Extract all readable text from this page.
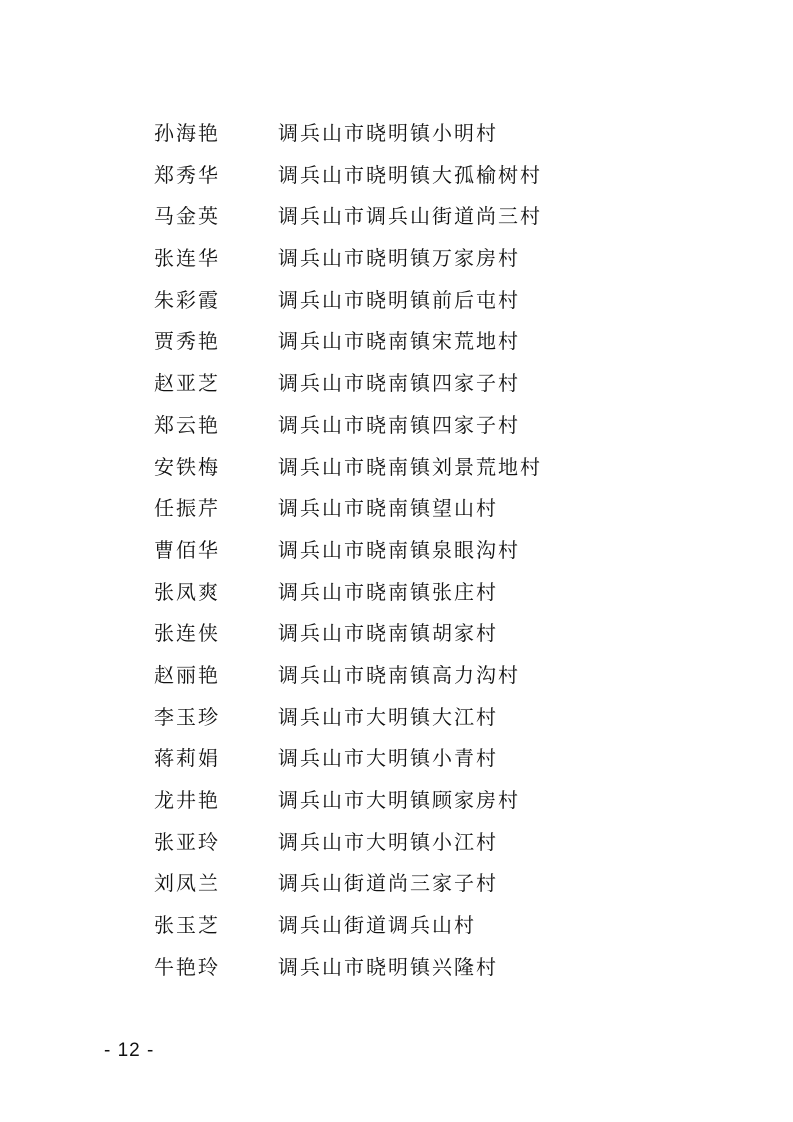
孙海艳	调兵山市晓明镇小明村
郑秀华	调兵山市晓明镇大孤榆树村
马金英	调兵山市调兵山街道尚三村
张连华	调兵山市晓明镇万家房村
朱彩霞	调兵山市晓明镇前后屯村
贾秀艳	调兵山市晓南镇宋荒地村
赵亚芝	调兵山市晓南镇四家子村
郑云艳	调兵山市晓南镇四家子村
安铁梅	调兵山市晓南镇刘景荒地村
任振芹	调兵山市晓南镇望山村
曹佰华	调兵山市晓南镇泉眼沟村
张凤爽	调兵山市晓南镇张庄村
张连侠	调兵山市晓南镇胡家村
赵丽艳	调兵山市晓南镇高力沟村
李玉珍	调兵山市大明镇大江村
蒋莉娟	调兵山市大明镇小青村
龙井艳	调兵山市大明镇顾家房村
张亚玲	调兵山市大明镇小江村
刘凤兰	调兵山街道尚三家子村
张玉芝	调兵山街道调兵山村
牛艳玲	调兵山市晓明镇兴隆村
- 12 -
